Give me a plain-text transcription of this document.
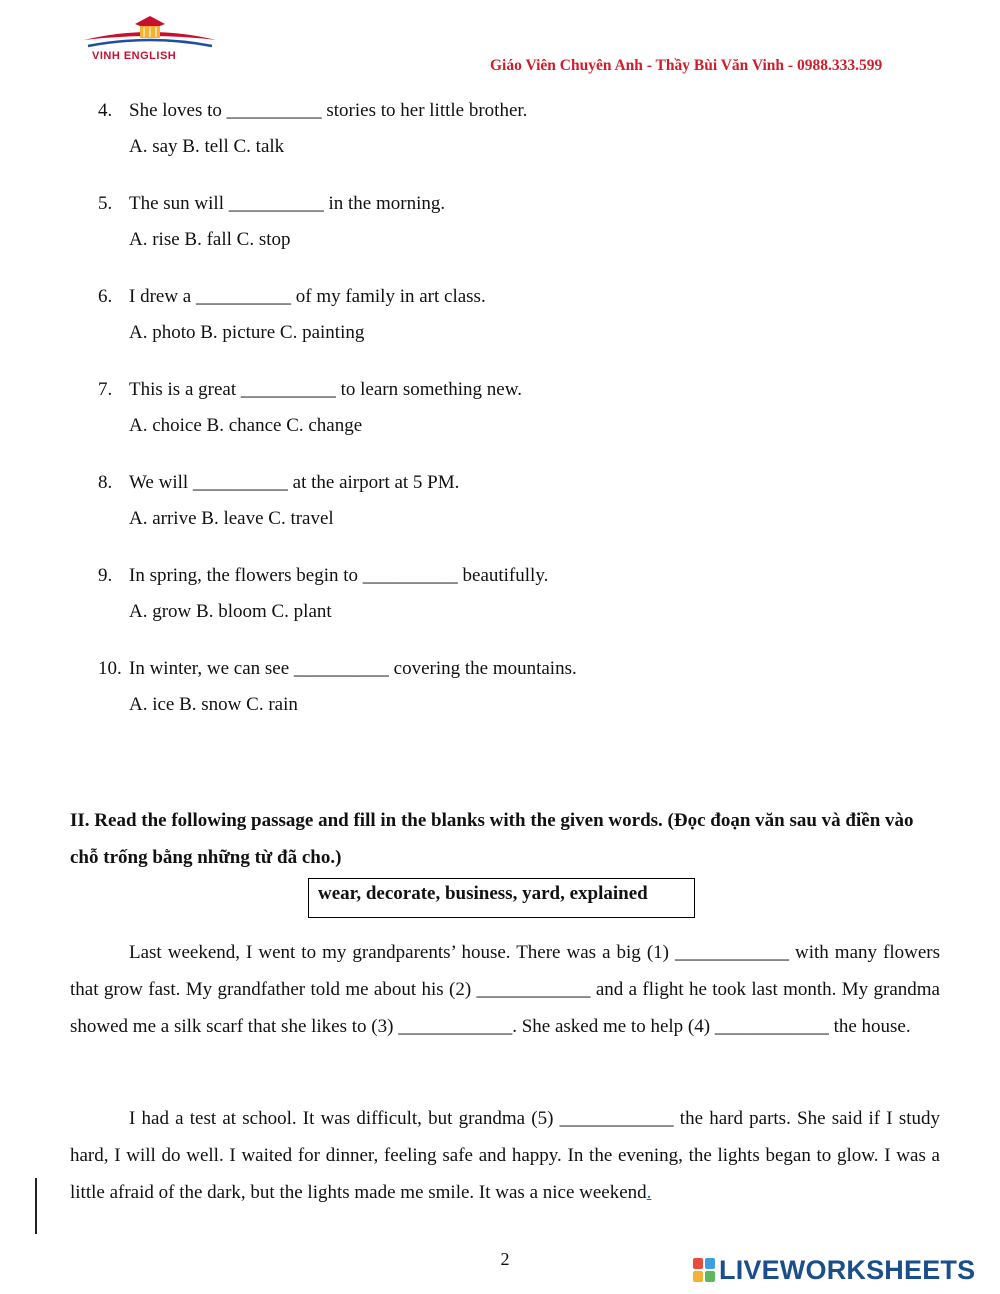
VINH ENGLISH
Giáo Viên Chuyên Anh - Thầy Bùi Văn Vinh - 0988.333.599
4. She loves to __________ stories to her little brother.
A. say B. tell C. talk
5. The sun will __________ in the morning.
A. rise B. fall C. stop
6. I drew a __________ of my family in art class.
A. photo B. picture C. painting
7. This is a great __________ to learn something new.
A. choice B. chance C. change
8. We will __________ at the airport at 5 PM.
A. arrive B. leave C. travel
9. In spring, the flowers begin to __________ beautifully.
A. grow B. bloom C. plant
10. In winter, we can see __________ covering the mountains.
A. ice B. snow C. rain
II. Read the following passage and fill in the blanks with the given words. (Đọc đoạn văn sau và điền vào chỗ trống bằng những từ đã cho.)
wear, decorate, business, yard, explained

Last weekend, I went to my grandparents’ house. There was a big (1) ____________ with many flowers that grow fast. My grandfather told me about his (2) ____________ and a flight he took last month. My grandma showed me a silk scarf that she likes to (3) ____________. She asked me to help (4) ____________ the house.

I had a test at school. It was difficult, but grandma (5) ____________ the hard parts. She said if I study hard, I will do well. I waited for dinner, feeling safe and happy. In the evening, the lights began to glow. I was a little afraid of the dark, but the lights made me smile. It was a nice weekend.

2	LIVEWORKSHEETS
